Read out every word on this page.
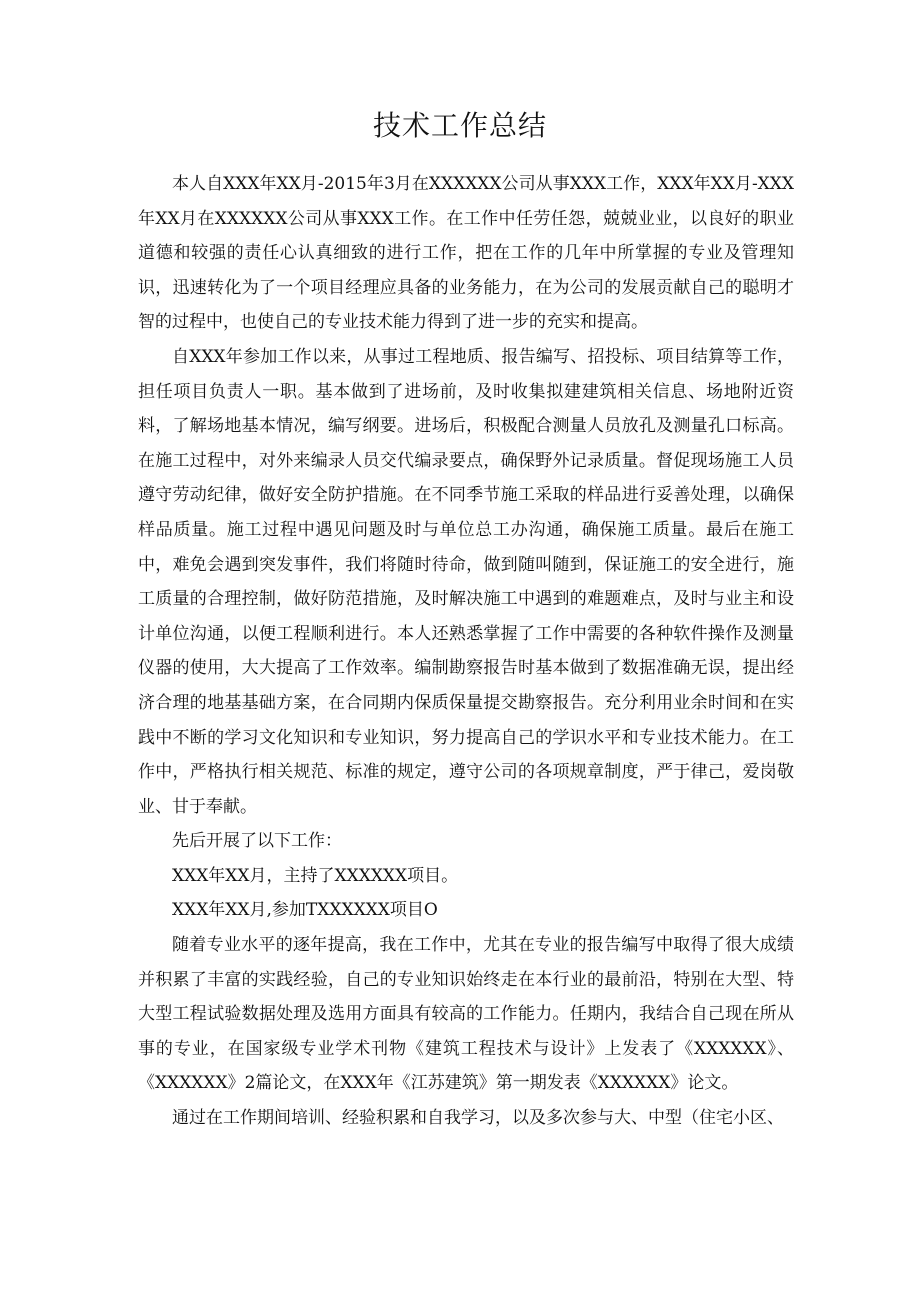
技术工作总结

本人自XXX年XX月-2015年3月在XXXXXX公司从事XXX工作，XXX年XX月-XXX年XX月在XXXXXX公司从事XXX工作。在工作中任劳任怨，兢兢业业，以良好的职业道德和较强的责任心认真细致的进行工作，把在工作的几年中所掌握的专业及管理知识，迅速转化为了一个项目经理应具备的业务能力，在为公司的发展贡献自己的聪明才智的过程中，也使自己的专业技术能力得到了进一步的充实和提高。

自XXX年参加工作以来，从事过工程地质、报告编写、招投标、项目结算等工作，担任项目负责人一职。基本做到了进场前，及时收集拟建建筑相关信息、场地附近资料，了解场地基本情况，编写纲要。进场后，积极配合测量人员放孔及测量孔口标高。在施工过程中，对外来编录人员交代编录要点，确保野外记录质量。督促现场施工人员遵守劳动纪律，做好安全防护措施。在不同季节施工采取的样品进行妥善处理，以确保样品质量。施工过程中遇见问题及时与单位总工办沟通，确保施工质量。最后在施工中，难免会遇到突发事件，我们将随时待命，做到随叫随到，保证施工的安全进行，施工质量的合理控制，做好防范措施，及时解决施工中遇到的难题难点，及时与业主和设计单位沟通，以便工程顺利进行。本人还熟悉掌握了工作中需要的各种软件操作及测量仪器的使用，大大提高了工作效率。编制勘察报告时基本做到了数据准确无误，提出经济合理的地基基础方案，在合同期内保质保量提交勘察报告。充分利用业余时间和在实践中不断的学习文化知识和专业知识，努力提高自己的学识水平和专业技术能力。在工作中，严格执行相关规范、标准的规定，遵守公司的各项规章制度，严于律己，爱岗敬业、甘于奉献。

先后开展了以下工作：

XXX年XX月，主持了XXXXXX项目。

XXX年XX月,参加TXXXXXX项目O

随着专业水平的逐年提高，我在工作中，尤其在专业的报告编写中取得了很大成绩并积累了丰富的实践经验，自己的专业知识始终走在本行业的最前沿，特别在大型、特大型工程试验数据处理及选用方面具有较高的工作能力。任期内，我结合自己现在所从事的专业，在国家级专业学术刊物《建筑工程技术与设计》上发表了《XXXXXX》、《XXXXXX》2篇论文，在XXX年《江苏建筑》第一期发表《XXXXXX》论文。

通过在工作期间培训、经验积累和自我学习，以及多次参与大、中型（住宅小区、
